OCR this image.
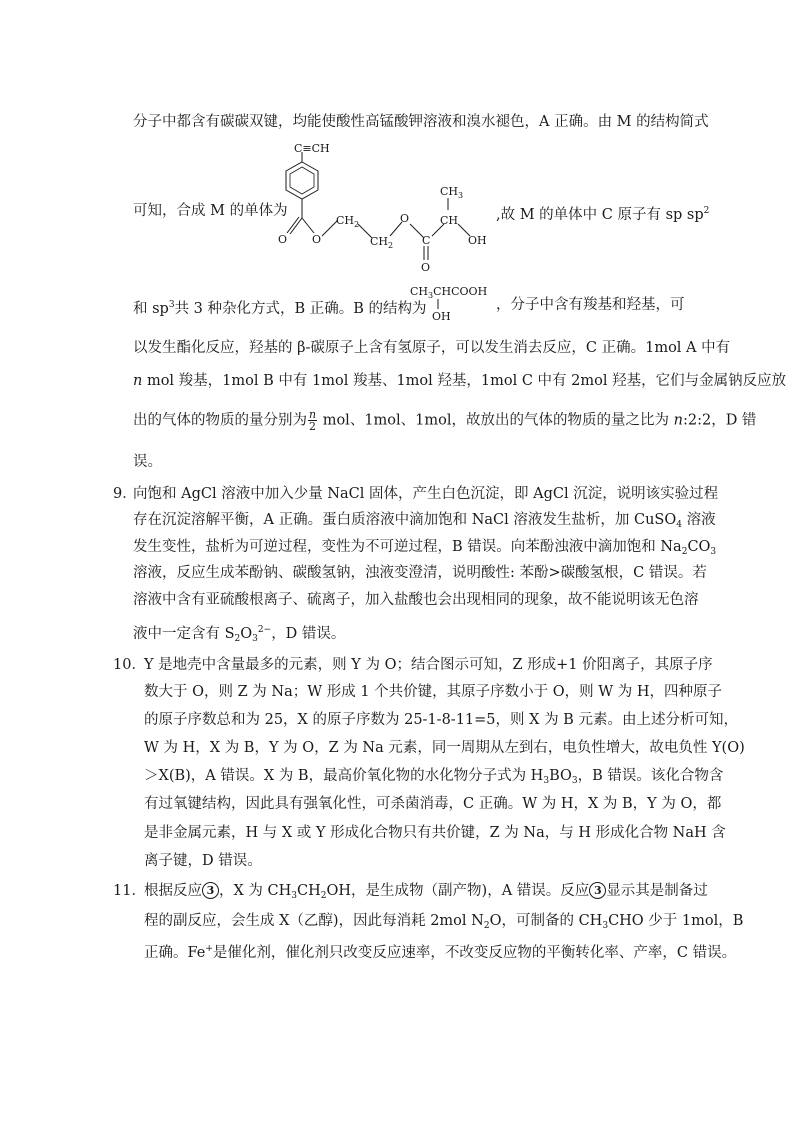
分子中都含有碳碳双键，均能使酸性高锰酸钾溶液和溴水褪色，A 正确。由 M 的结构简式
C≡CH
O O
$CH_2$
$CH_2$
O
C
O
CH
$CH_3$
OH
可知，合成 M 的单体为	,故 M 的单体中 C 原子有 sp $sp^2$
和 $sp^3$共 3 种杂化方式，B 正确。B 的结构为
$CH_3CHCOOH$
OH
，分子中含有羧基和羟基，可
以发生酯化反应，羟基的 β-碳原子上含有氢原子，可以发生消去反应，C 正确。1mol A 中有
n mol 羧基，1mol B 中有 1mol 羧基、1mol 羟基，1mol C 中有 2mol 羟基，它们与金属钠反应放
出的气体的物质的量分别为 $\frac{n}{2}$ mol、1mol、1mol，故放出的气体的物质的量之比为 n:2:2，D 错
误。
9．
向饱和 AgCl 溶液中加入少量 NaCl 固体，产生白色沉淀，即 AgCl 沉淀，说明该实验过程
存在沉淀溶解平衡，A 正确。蛋白质溶液中滴加饱和 NaCl 溶液发生盐析，加 CuSO$_4$ 溶液
发生变性，盐析为可逆过程，变性为不可逆过程，B 错误。向苯酚浊液中滴加饱和 $Na_2CO_3$
溶液，反应生成苯酚钠、碳酸氢钠，浊液变澄清，说明酸性: 苯酚>碳酸氢根，C 错误。若
溶液中含有亚硫酸根离子、硫离子，加入盐酸也会出现相同的现象，故不能说明该无色溶
液中一定含有 $S_2O_3^{2-}$，D 错误。
10．
Y 是地壳中含量最多的元素，则 Y 为 O；结合图示可知，Z 形成+1 价阳离子，其原子序
数大于 O，则 Z 为 Na；W 形成 1 个共价键，其原子序数小于 O，则 W 为 H，四种原子
的原子序数总和为 25，X 的原子序数为 25-1-8-11=5，则 X 为 B 元素。由上述分析可知，
W 为 H，X 为 B，Y 为 O，Z 为 Na 元素，同一周期从左到右，电负性增大，故电负性 Y(O)
＞X(B)，A 错误。X 为 B，最高价氧化物的水化物分子式为 $H_3BO_3$，B 错误。该化合物含
有过氧键结构，因此具有强氧化性，可杀菌消毒，C 正确。W 为 H，X 为 B，Y 为 O，都
是非金属元素，H 与 X 或 Y 形成化合物只有共价键，Z 为 Na，与 H 形成化合物 NaH 含
离子键，D 错误。
11．
根据反应 3 ，X 为 $CH_3CH_2OH$，是生成物（副产物)，A 错误。反应 3 显示其是制备过
程的副反应，会生成 X（乙醇)，因此每消耗 2mol $N_2O$，可制备的 $CH_3CHO$ 少于 1mol，B
正确。Fe+是催化剂，催化剂只改变反应速率，不改变反应物的平衡转化率、产率，C 错误。
